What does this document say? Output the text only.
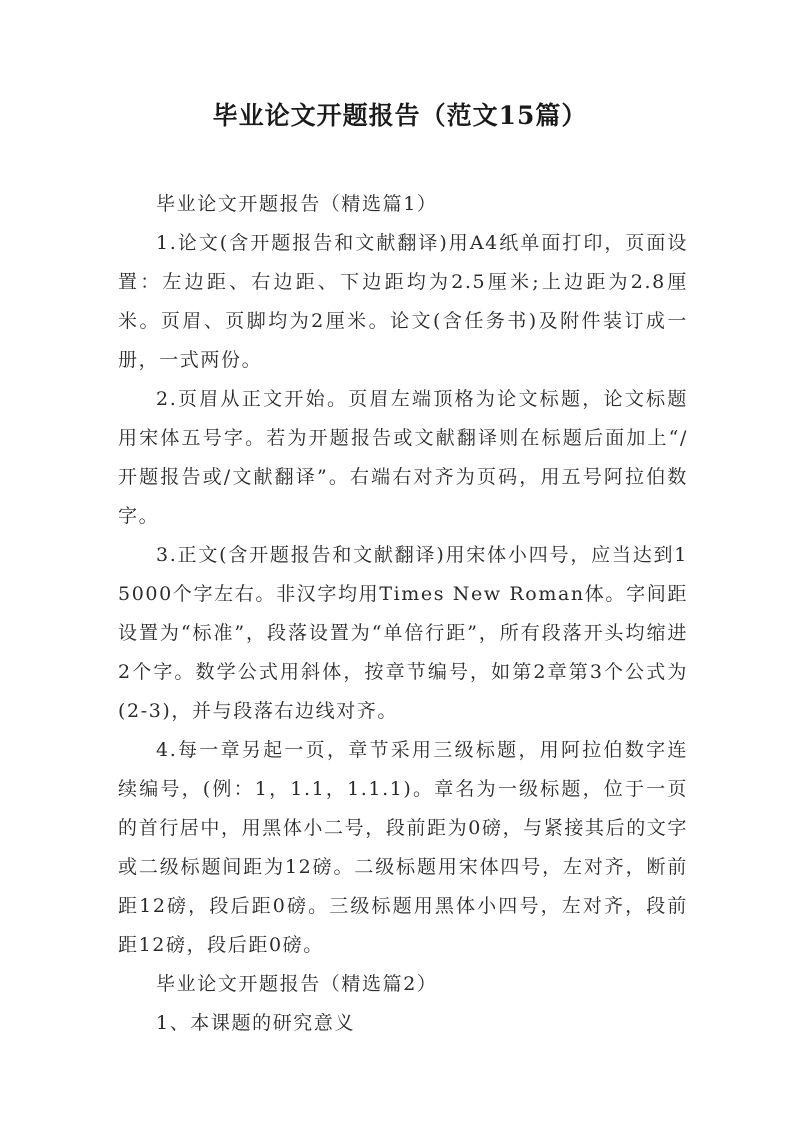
毕业论文开题报告（范文15篇）

毕业论文开题报告（精选篇1）

1.论文(含开题报告和文献翻译)用A4纸单面打印，页面设置：左边距、右边距、下边距均为2.5厘米;上边距为2.8厘米。页眉、页脚均为2厘米。论文(含任务书)及附件装订成一册，一式两份。

2.页眉从正文开始。页眉左端顶格为论文标题，论文标题用宋体五号字。若为开题报告或文献翻译则在标题后面加上“/开题报告或/文献翻译”。右端右对齐为页码，用五号阿拉伯数字。

3.正文(含开题报告和文献翻译)用宋体小四号，应当达到15000个字左右。非汉字均用Times New Roman体。字间距设置为“标准”，段落设置为“单倍行距”，所有段落开头均缩进2个字。数学公式用斜体，按章节编号，如第2章第3个公式为(2-3)，并与段落右边线对齐。

4.每一章另起一页，章节采用三级标题，用阿拉伯数字连续编号，(例：1，1.1，1.1.1)。章名为一级标题，位于一页的首行居中，用黑体小二号，段前距为0磅，与紧接其后的文字或二级标题间距为12磅。二级标题用宋体四号，左对齐，断前距12磅，段后距0磅。三级标题用黑体小四号，左对齐，段前距12磅，段后距0磅。

毕业论文开题报告（精选篇2）

1、本课题的研究意义
